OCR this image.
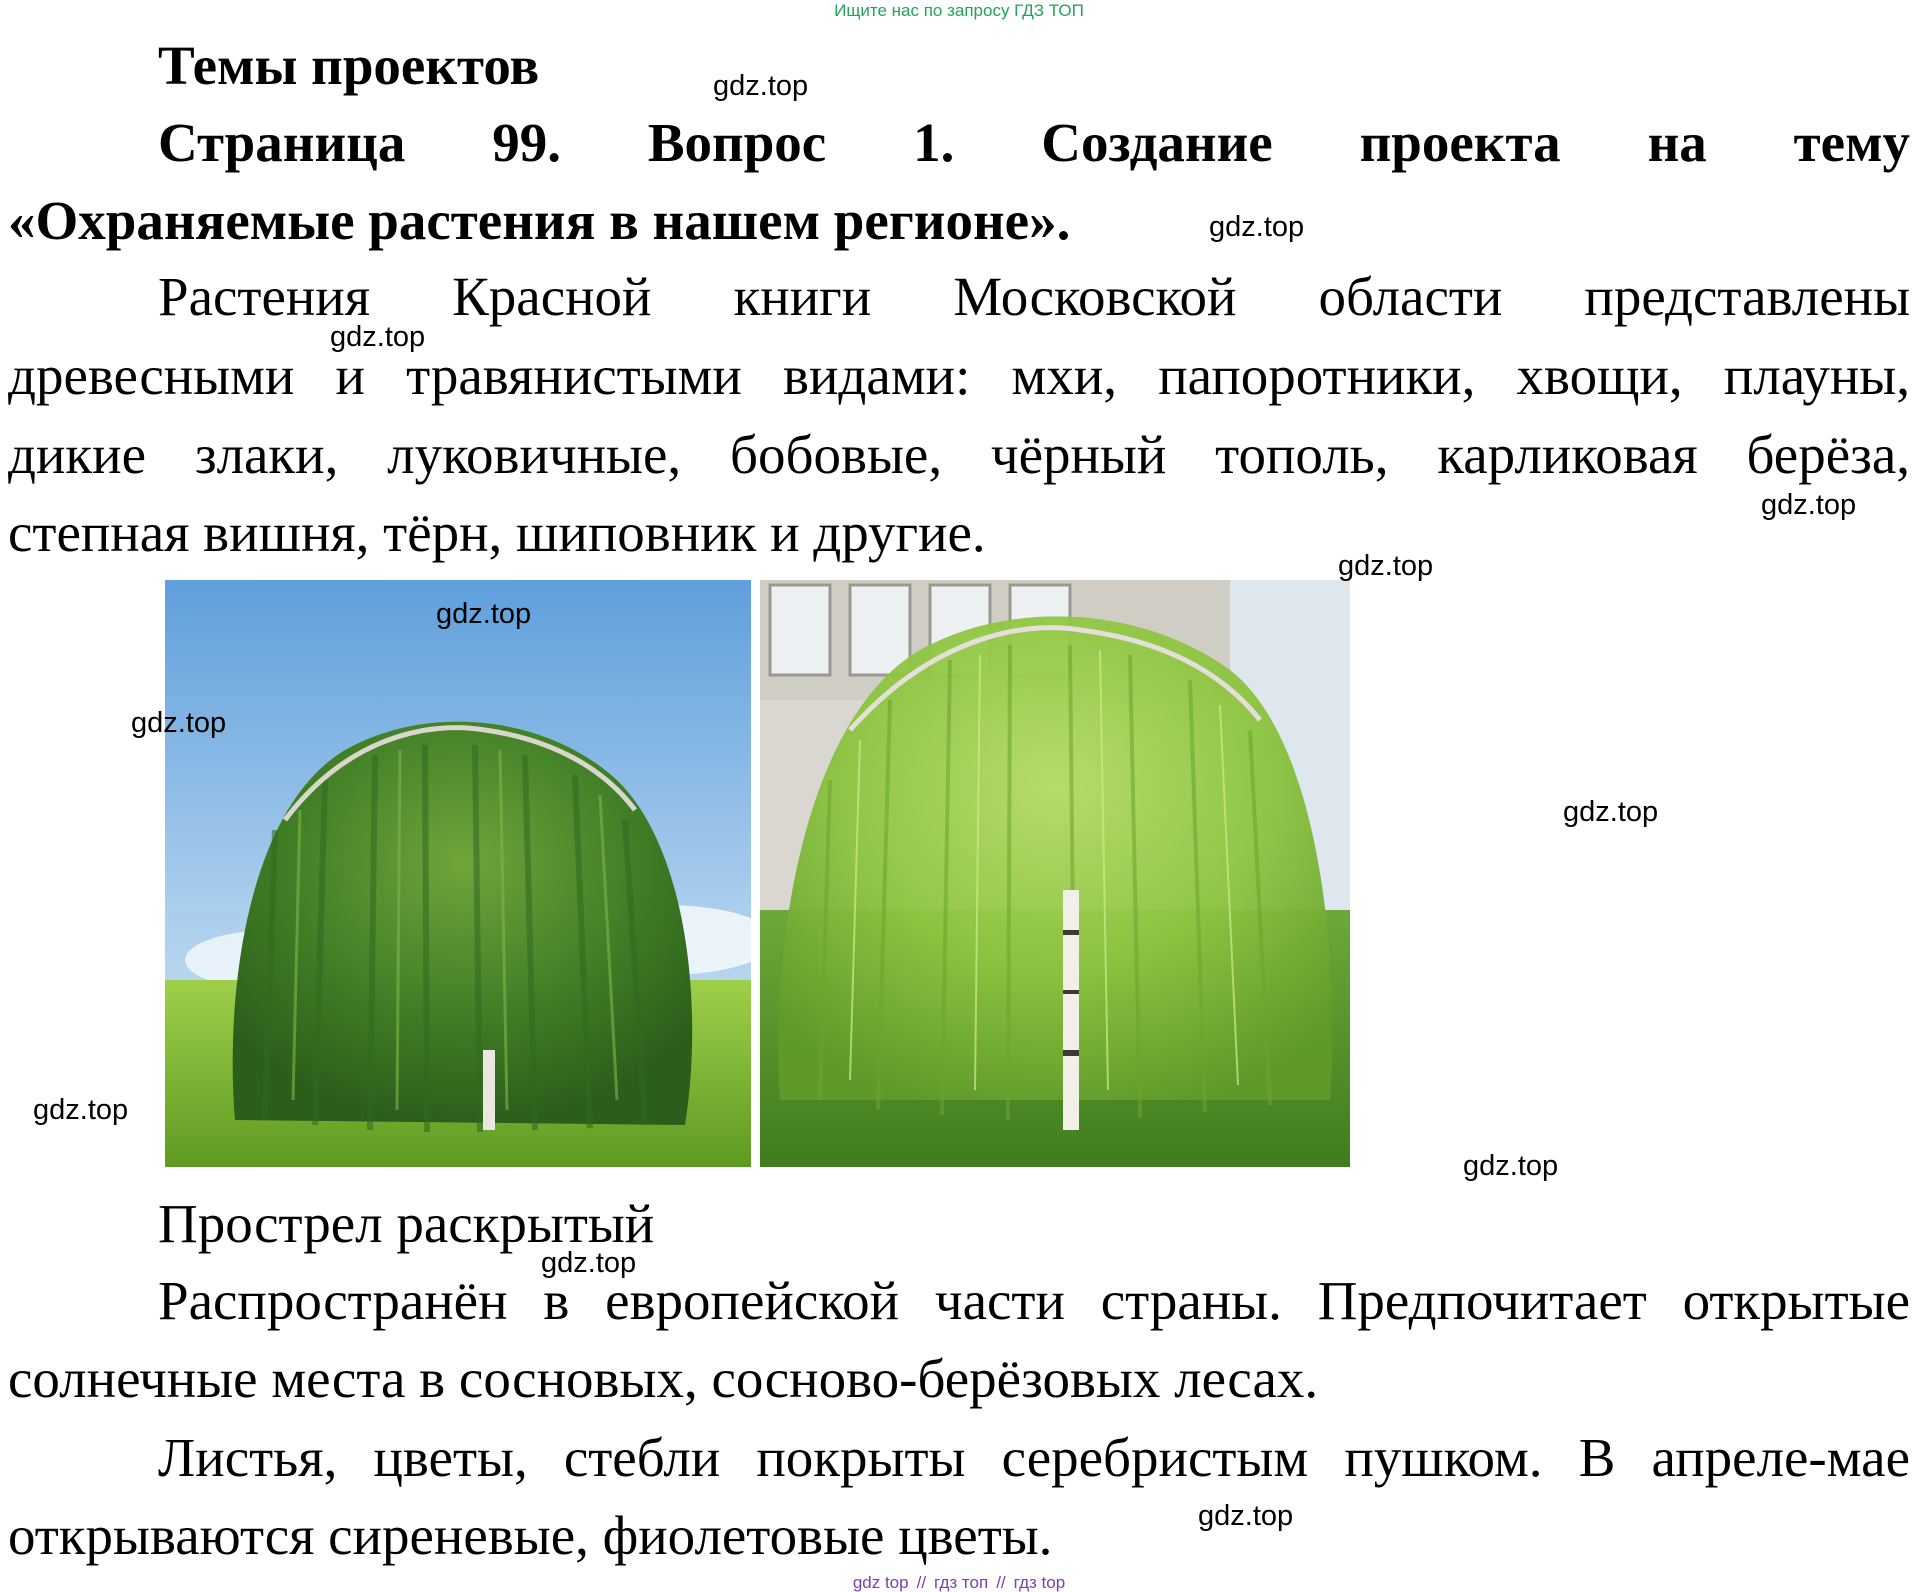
Ищите нас по запросу ГДЗ ТОП
Темы проектов
Страница 99. Вопрос 1. Создание проекта на тему
«Охраняемые растения в нашем регионе».
Растения Красной книги Московской области представлены
древесными и травянистыми видами: мхи, папоротники, хвощи, плауны,
дикие злаки, луковичные, бобовые, чёрный тополь, карликовая берёза,
степная вишня, тёрн, шиповник и другие.
Прострел раскрытый
Распространён в европейской части страны. Предпочитает открытые
солнечные места в сосновых, сосново-берёзовых лесах.
Листья, цветы, стебли покрыты серебристым пушком. В апреле-мае
открываются сиреневые, фиолетовые цветы.
gdz.top
gdz.top
gdz.top
gdz.top
gdz.top
gdz.top
gdz.top
gdz.top
gdz.top
gdz.top
gdz.top
gdz.top
gdz top // гдз топ // гдз top
